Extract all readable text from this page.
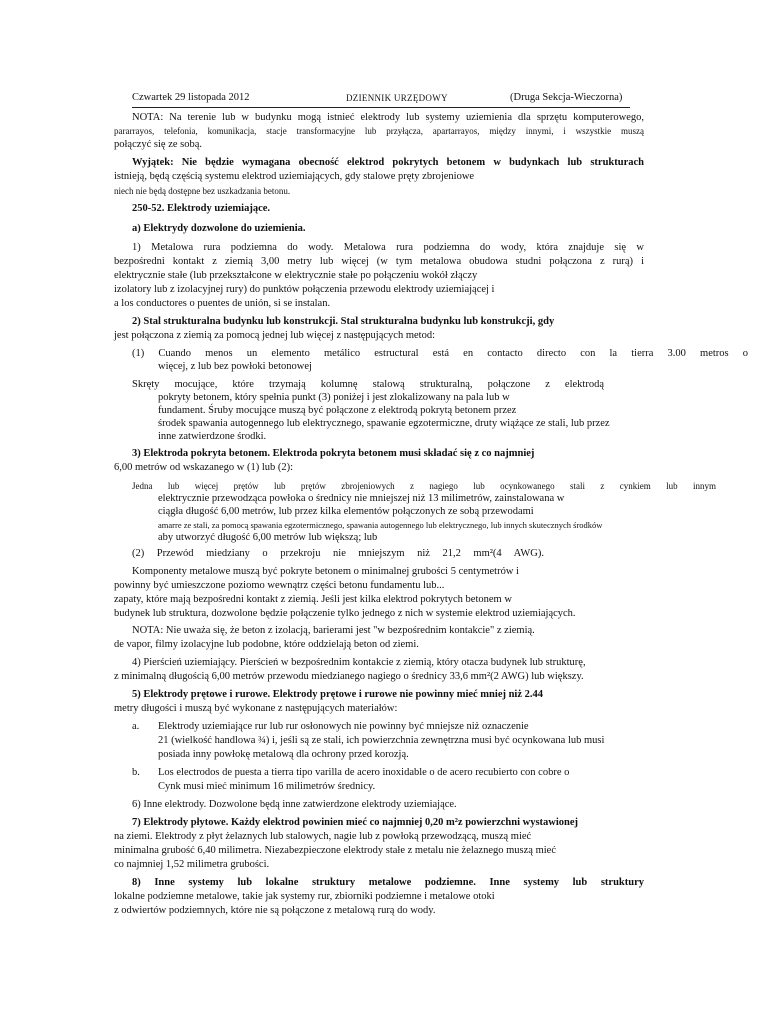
Czwartek 29 listopada 2012	DZIENNIK URZĘDOWY	(Druga Sekcja-Wieczorna)
NOTA: Na terenie lub w budynku mogą istnieć elektrody lub systemy uziemienia dla sprzętu komputerowego,
pararrayos, telefonia, komunikacja, stacje transformacyjne lub przyłącza, apartarrayos, między innymi, i wszystkie muszą
połączyć się ze sobą.
Wyjątek: Nie będzie wymagana obecność elektrod pokrytych betonem w budynkach lub strukturach
istnieją, będą częścią systemu elektrod uziemiających, gdy stalowe pręty zbrojeniowe
niech nie będą dostępne bez uszkadzania betonu.
250-52. Elektrody uziemiające.
a) Elektrydy dozwolone do uziemienia.
1) Metalowa rura podziemna do wody. Metalowa rura podziemna do wody, która znajduje się w
bezpośredni kontakt z ziemią 3,00 metry lub więcej (w tym metalowa obudowa studni połączona z rurą) i
elektrycznie stałe (lub przekształcone w elektrycznie stałe po połączeniu wokół złączy
izolatory lub z izolacyjnej rury) do punktów połączenia przewodu elektrody uziemiającej i
a los conductores o puentes de unión, si se instalan.
2) Stal strukturalna budynku lub konstrukcji. Stal strukturalna budynku lub konstrukcji, gdy
jest połączona z ziemią za pomocą jednej lub więcej z następujących metod:
(1) Cuando menos un elemento metálico estructural está en contacto directo con la tierra 3.00 metros o
więcej, z lub bez powłoki betonowej
Skręty mocujące, które trzymają kolumnę stalową strukturalną, połączone z elektrodą
pokryty betonem, który spełnia punkt (3) poniżej i jest zlokalizowany na pala lub w
fundament. Śruby mocujące muszą być połączone z elektrodą pokrytą betonem przez
środek spawania autogennego lub elektrycznego, spawanie egzotermiczne, druty wiążące ze stali, lub przez
inne zatwierdzone środki.
3) Elektroda pokryta betonem. Elektroda pokryta betonem musi składać się z co najmniej
6,00 metrów od wskazanego w (1) lub (2):
Jedna lub więcej prętów lub prętów zbrojeniowych z nagiego lub ocynkowanego stali z cynkiem lub innym
elektrycznie przewodząca powłoka o średnicy nie mniejszej niż 13 milimetrów, zainstalowana w
ciągła długość 6,00 metrów, lub przez kilka elementów połączonych ze sobą przewodami
amarre ze stali, za pomocą spawania egzotermicznego, spawania autogennego lub elektrycznego, lub innych skutecznych środków
aby utworzyć długość 6,00 metrów lub większą; lub
(2) Przewód miedziany o przekroju nie mniejszym niż 21,2 mm²(4 AWG).
Komponenty metalowe muszą być pokryte betonem o minimalnej grubości 5 centymetrów i
powinny być umieszczone poziomo wewnątrz części betonu fundamentu lub...
zapaty, które mają bezpośredni kontakt z ziemią. Jeśli jest kilka elektrod pokrytych betonem w
budynek lub struktura, dozwolone będzie połączenie tylko jednego z nich w systemie elektrod uziemiających.
NOTA: Nie uważa się, że beton z izolacją, barierami jest "w bezpośrednim kontakcie" z ziemią.
de vapor, filmy izolacyjne lub podobne, które oddzielają beton od ziemi.
4) Pierścień uziemiający. Pierścień w bezpośrednim kontakcie z ziemią, który otacza budynek lub strukturę,
z minimalną długością 6,00 metrów przewodu miedzianego nagiego o średnicy 33,6 mm²(2 AWG) lub większy.
5) Elektrody prętowe i rurowe. Elektrody prętowe i rurowe nie powinny mieć mniej niż 2.44
metry długości i muszą być wykonane z następujących materiałów:
a. Elektrody uziemiające rur lub rur osłonowych nie powinny być mniejsze niż oznaczenie
21 (wielkość handlowa ¾) i, jeśli są ze stali, ich powierzchnia zewnętrzna musi być ocynkowana lub musi
posiada inny powłokę metalową dla ochrony przed korozją.
b. Los electrodos de puesta a tierra tipo varilla de acero inoxidable o de acero recubierto con cobre o
Cynk musi mieć minimum 16 milimetrów średnicy.
6) Inne elektrody. Dozwolone będą inne zatwierdzone elektrody uziemiające.
7) Elektrody płytowe. Każdy elektrod powinien mieć co najmniej 0,20 m²z powierzchni wystawionej
na ziemi. Elektrody z płyt żelaznych lub stalowych, nagie lub z powłoką przewodzącą, muszą mieć
minimalna grubość 6,40 milimetra. Niezabezpieczone elektrody stałe z metalu nie żelaznego muszą mieć
co najmniej 1,52 milimetra grubości.
8) Inne systemy lub lokalne struktury metalowe podziemne. Inne systemy lub struktury
lokalne podziemne metalowe, takie jak systemy rur, zbiorniki podziemne i metalowe otoki
z odwiertów podziemnych, które nie są połączone z metalową rurą do wody.
